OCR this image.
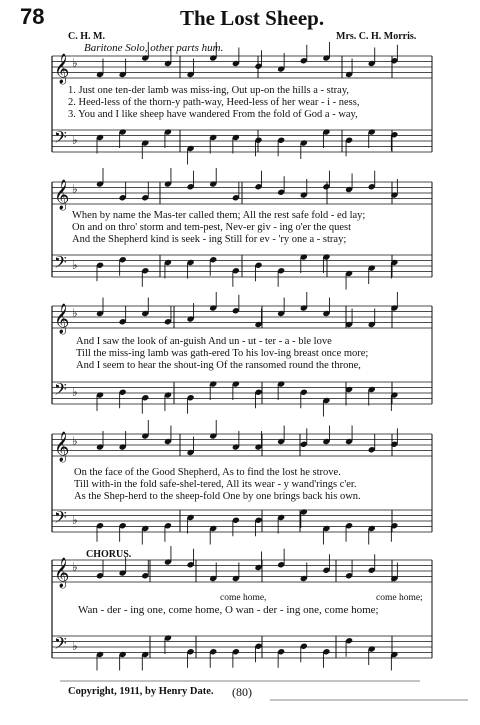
𝄞
𝄢
♭
♭
𝄞
𝄢
♭
♭
𝄞
𝄢
♭
♭
𝄞
𝄢
♭
♭
𝄞
𝄢
♭
♭
78	The Lost Sheep.
C. H. M.	Mrs. C. H. Morris.
Baritone Solo, other parts hum.
1. Just one ten-der lamb was miss-ing, Out up-on the hills a - stray,
2. Heed-less of the thorn-y path-way, Heed-less of her wear - i - ness,
3. You and I like sheep have wandered From the fold of God a - way,
When by name the Mas-ter called them; All the rest safe fold - ed lay;
On and on thro' storm and tem-pest, Nev-er giv - ing o'er the quest
And the Shepherd kind is seek - ing Still for ev - 'ry one a - stray;
And I saw the look of an-guish And un - ut - ter - a - ble love
Till the miss-ing lamb was gath-ered To his lov-ing breast once more;
And I seem to hear the shout-ing Of the ransomed round the throne,
On the face of the Good Shepherd, As to find the lost he strove.
Till with-in the fold safe-shel-tered, All its wear - y wand'rings c'er.
As the Shep-herd to the sheep-fold One by one brings back his own.
CHORUS.
come home,	come home;
Wan - der - ing one, come home, O wan - der - ing one, come home;
Copyright, 1911, by Henry Date. (80)
